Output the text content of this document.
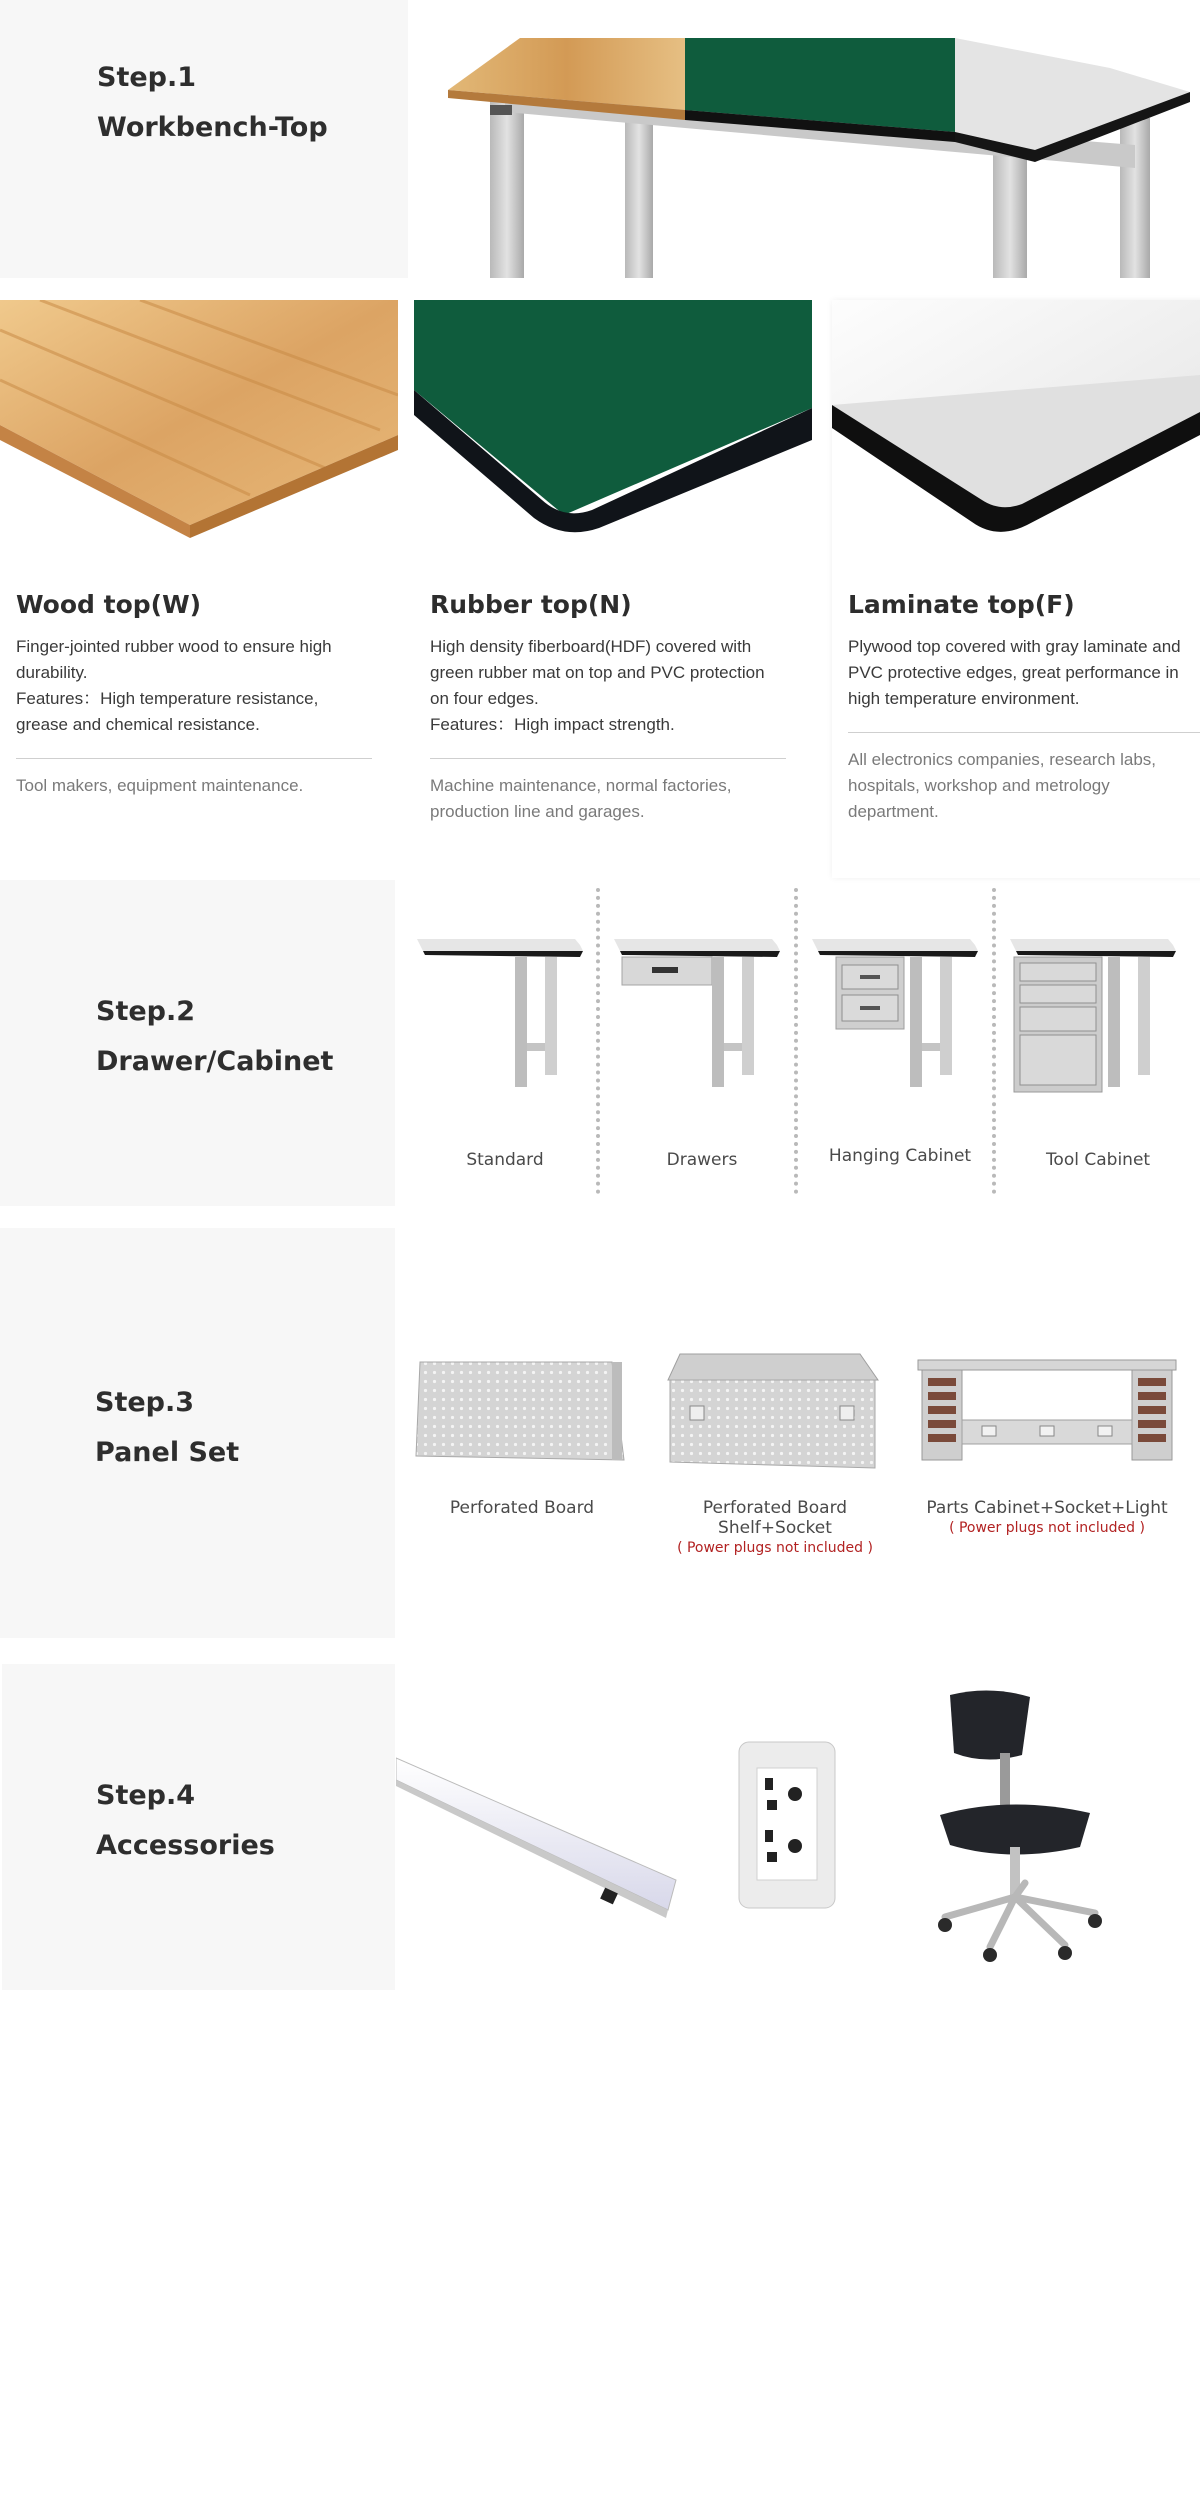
Step.1
Workbench-Top
Wood top(W)
Finger-jointed rubber wood to ensure high durability.
Features：High temperature resistance, grease and chemical resistance.
Tool makers, equipment maintenance.
Rubber top(N)
High density fiberboard(HDF) covered with green rubber mat on top and PVC protection on four edges.
Features：High impact strength.
Machine maintenance, normal factories, production line and garages.
Laminate top(F)
Plywood top covered with gray laminate and PVC protective edges, great performance in high temperature environment.
All electronics companies, research labs, hospitals, workshop and metrology department.
Step.2
Drawer/Cabinet
Standard	Drawers	Hanging Cabinet	Tool Cabinet
Step.3
Panel Set
Perforated Board	Perforated Board
Shelf+Socket
( Power plugs not included )
Parts Cabinet+Socket+Light
( Power plugs not included )
Step.4
Accessories
